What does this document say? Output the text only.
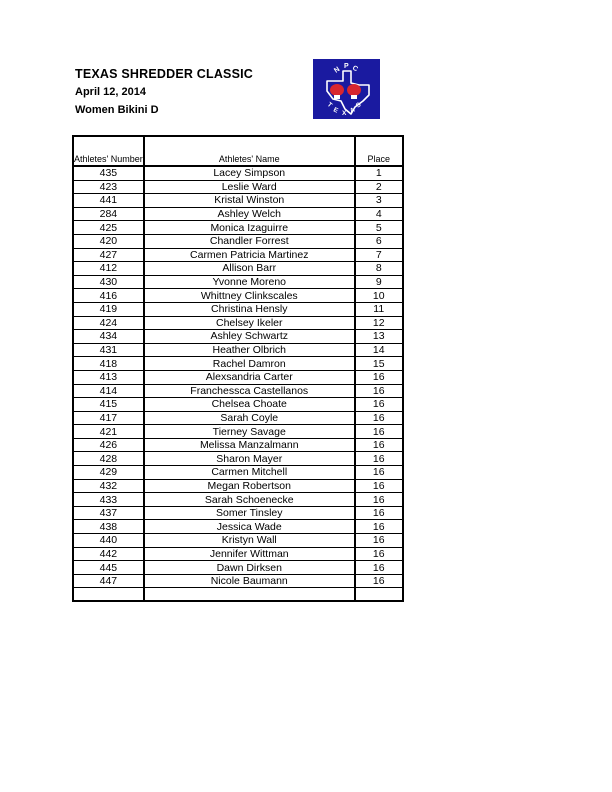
TEXAS SHREDDER CLASSIC
April 12, 2014
Women Bikini D
N P C
T
E X A
S
Athletes' Number	Athletes' Name	Place
435	Lacey Simpson	1
423	Leslie Ward	2
441	Kristal Winston	3
284	Ashley Welch	4
425	Monica Izaguirre	5
420	Chandler Forrest	6
427	Carmen Patricia Martinez	7
412	Allison Barr	8
430	Yvonne Moreno	9
416	Whittney Clinkscales	10
419	Christina Hensly	11
424	Chelsey Ikeler	12
434	Ashley Schwartz	13
431	Heather Olbrich	14
418	Rachel Damron	15
413	Alexsandria Carter	16
414	Franchessca Castellanos	16
415	Chelsea Choate	16
417	Sarah Coyle	16
421	Tierney Savage	16
426	Melissa Manzalmann	16
428	Sharon Mayer	16
429	Carmen Mitchell	16
432	Megan Robertson	16
433	Sarah Schoenecke	16
437	Somer Tinsley	16
438	Jessica Wade	16
440	Kristyn Wall	16
442	Jennifer Wittman	16
445	Dawn Dirksen	16
447	Nicole Baumann	16
